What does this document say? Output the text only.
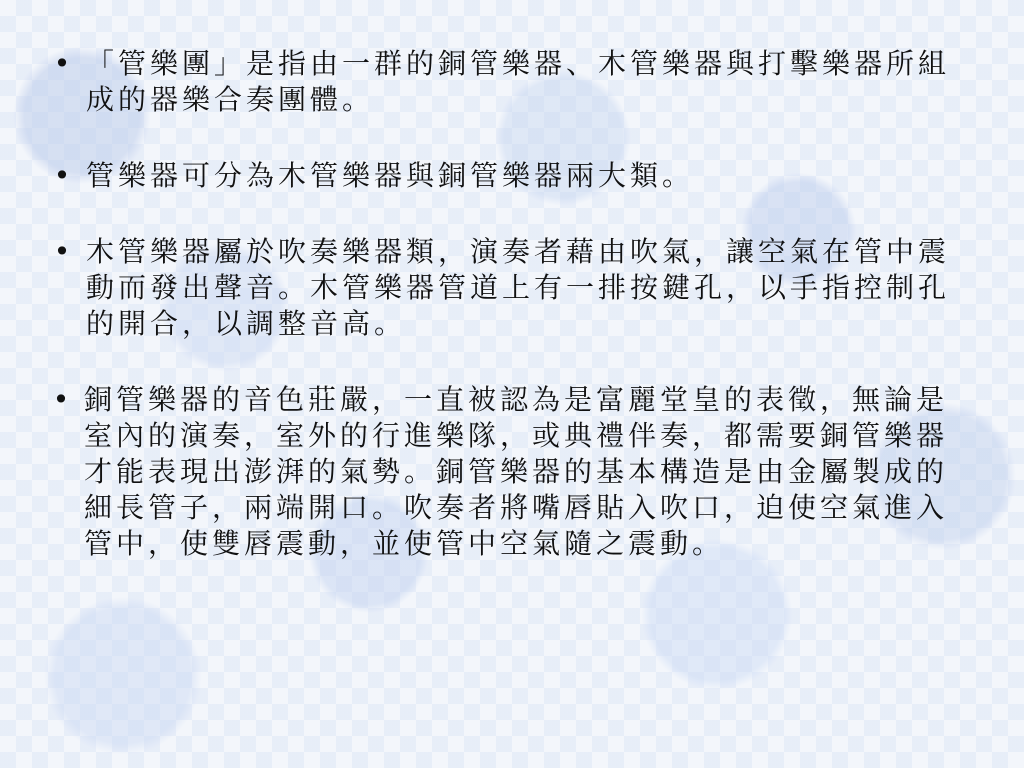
• 「管樂團」是指由一群的銅管樂器、木管樂器與打擊樂器所組成的器樂合奏團體。
• 管樂器可分為木管樂器與銅管樂器兩大類。
• 木管樂器屬於吹奏樂器類，演奏者藉由吹氣，讓空氣在管中震動而發出聲音。木管樂器管道上有一排按鍵孔，以手指控制孔的開合，以調整音高。
• 銅管樂器的音色莊嚴，一直被認為是富麗堂皇的表徵，無論是室內的演奏，室外的行進樂隊，或典禮伴奏，都需要銅管樂器才能表現出澎湃的氣勢。銅管樂器的基本構造是由金屬製成的細長管子，兩端開口。吹奏者將嘴唇貼入吹口，迫使空氣進入管中，使雙唇震動，並使管中空氣隨之震動。
